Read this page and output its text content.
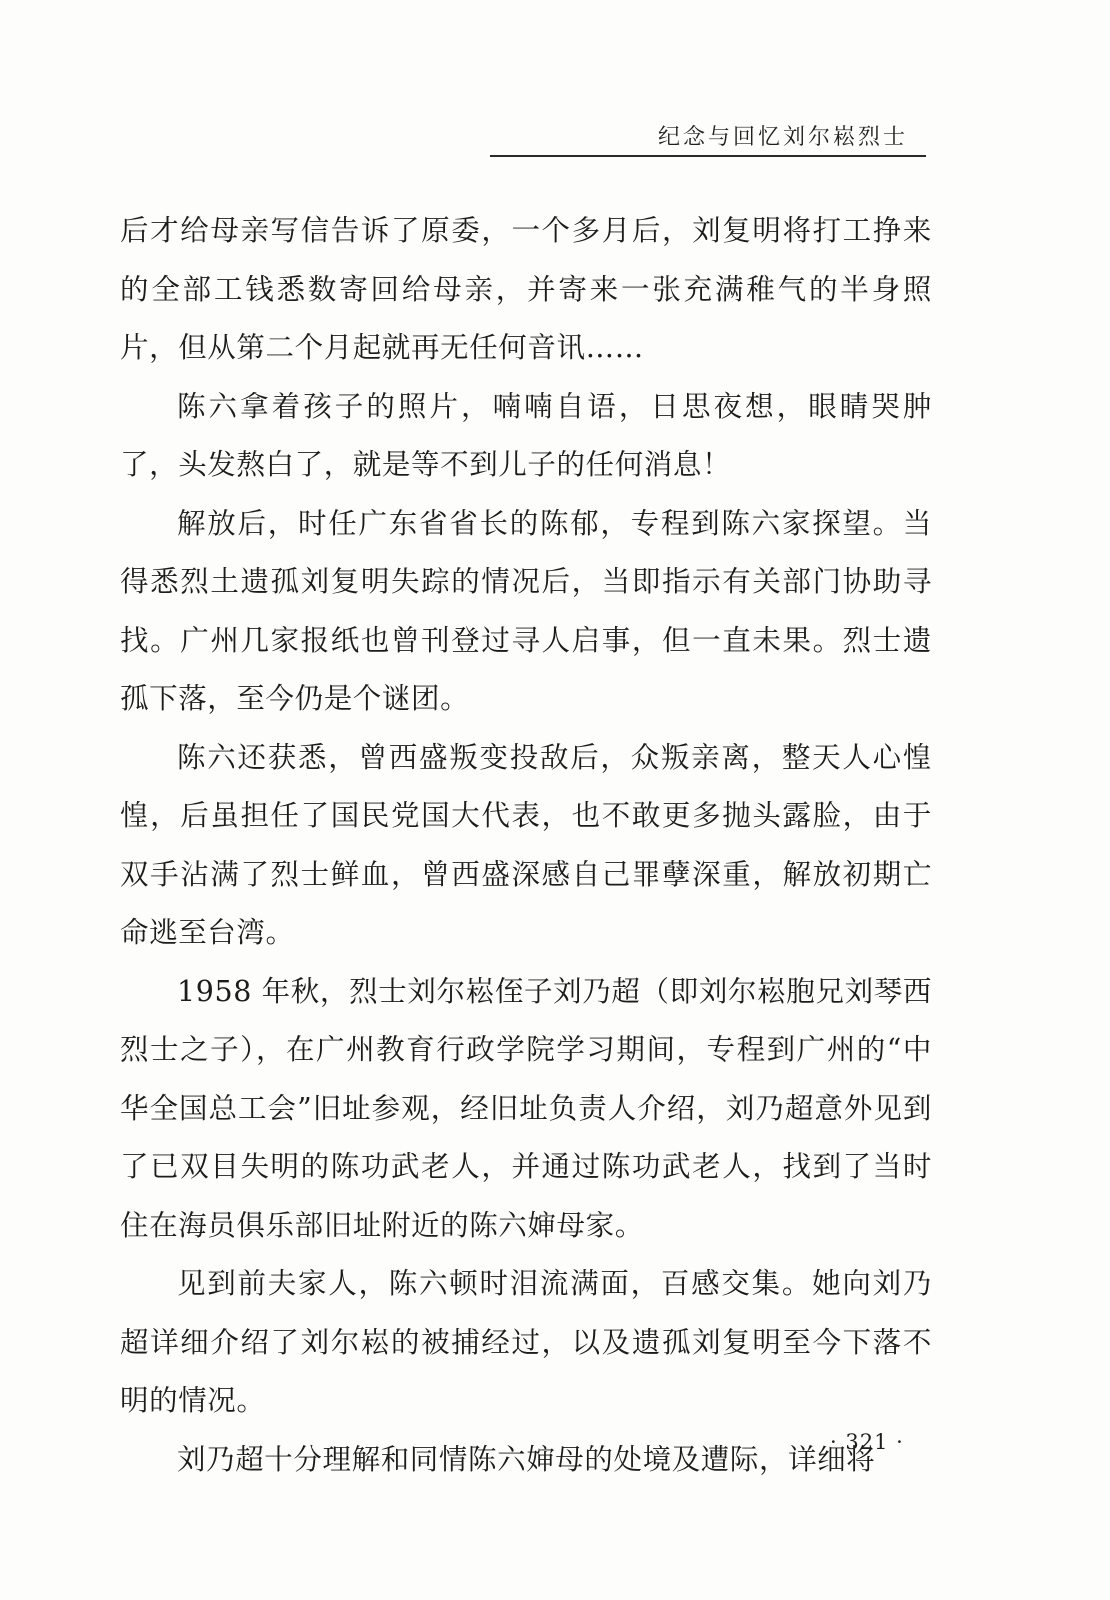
纪念与回忆刘尔崧烈士

后才给母亲写信告诉了原委，一个多月后，刘复明将打工挣来的全部工钱悉数寄回给母亲，并寄来一张充满稚气的半身照片，但从第二个月起就再无任何音讯……

陈六拿着孩子的照片，喃喃自语，日思夜想，眼睛哭肿了，头发熬白了，就是等不到儿子的任何消息！

解放后，时任广东省省长的陈郁，专程到陈六家探望。当得悉烈土遗孤刘复明失踪的情况后，当即指示有关部门协助寻找。广州几家报纸也曾刊登过寻人启事，但一直未果。烈士遗孤下落，至今仍是个谜团。

陈六还获悉，曾西盛叛变投敌后，众叛亲离，整天人心惶惶，后虽担任了国民党国大代表，也不敢更多抛头露脸，由于双手沾满了烈士鲜血，曾西盛深感自己罪孽深重，解放初期亡命逃至台湾。

1958 年秋，烈士刘尔崧侄子刘乃超（即刘尔崧胞兄刘琴西烈士之子），在广州教育行政学院学习期间，专程到广州的“中华全国总工会”旧址参观，经旧址负责人介绍，刘乃超意外见到了已双目失明的陈功武老人，并通过陈功武老人，找到了当时住在海员俱乐部旧址附近的陈六婶母家。

见到前夫家人，陈六顿时泪流满面，百感交集。她向刘乃超详细介绍了刘尔崧的被捕经过，以及遗孤刘复明至今下落不明的情况。

刘乃超十分理解和同情陈六婶母的处境及遭际，详细将

· 321 ·
